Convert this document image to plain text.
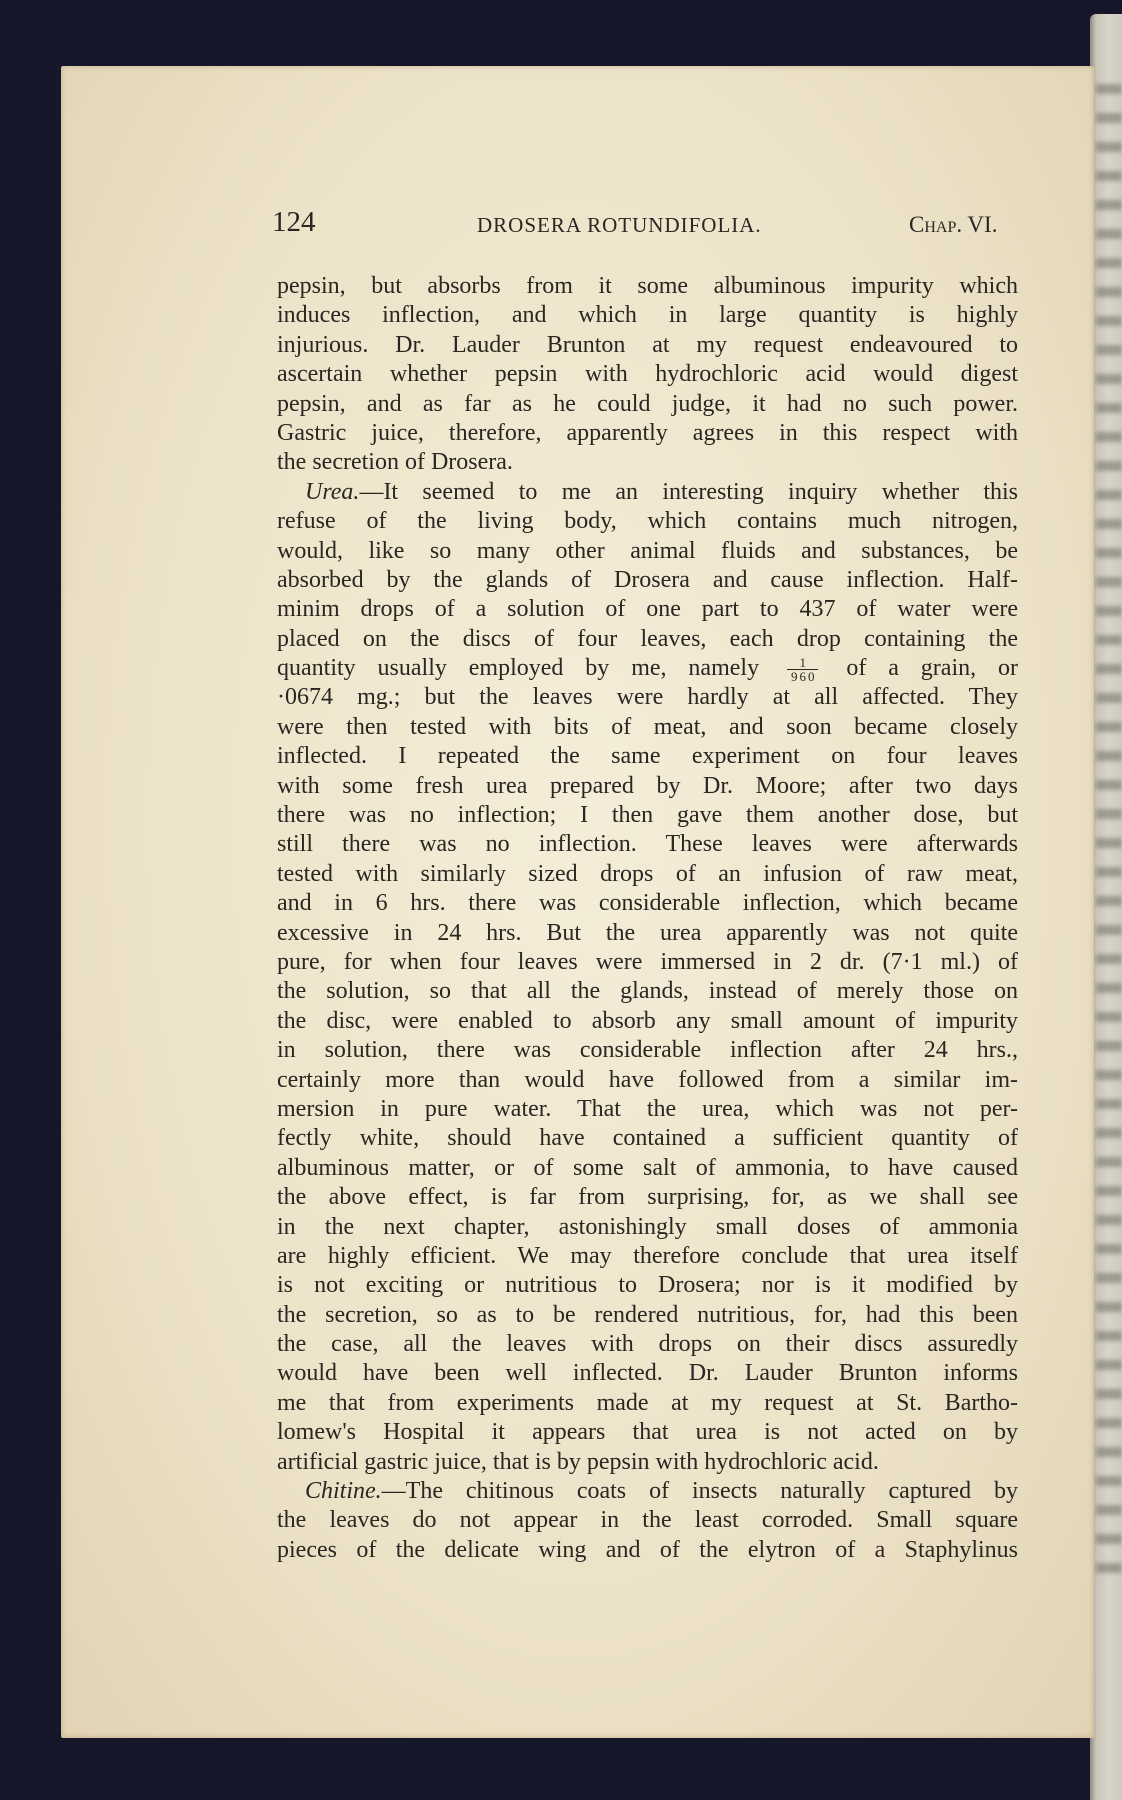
124	DROSERA ROTUNDIFOLIA.	Chap. VI.
pepsin, but absorbs from it some albuminous impurity which
induces inflection, and which in large quantity is highly
injurious. Dr. Lauder Brunton at my request endeavoured to
ascertain whether pepsin with hydrochloric acid would digest
pepsin, and as far as he could judge, it had no such power.
Gastric juice, therefore, apparently agrees in this respect with
the secretion of Drosera.
Urea.—It seemed to me an interesting inquiry whether this
refuse of the living body, which contains much nitrogen,
would, like so many other animal fluids and substances, be
absorbed by the glands of Drosera and cause inflection. Half-
minim drops of a solution of one part to 437 of water were
placed on the discs of four leaves, each drop containing the
quantity usually employed by me, namely $\frac{1}{960}$ of a grain, or
·0674 mg.; but the leaves were hardly at all affected. They
were then tested with bits of meat, and soon became closely
inflected. I repeated the same experiment on four leaves
with some fresh urea prepared by Dr. Moore; after two days
there was no inflection; I then gave them another dose, but
still there was no inflection. These leaves were afterwards
tested with similarly sized drops of an infusion of raw meat,
and in 6 hrs. there was considerable inflection, which became
excessive in 24 hrs. But the urea apparently was not quite
pure, for when four leaves were immersed in 2 dr. (7·1 ml.) of
the solution, so that all the glands, instead of merely those on
the disc, were enabled to absorb any small amount of impurity
in solution, there was considerable inflection after 24 hrs.,
certainly more than would have followed from a similar im-
mersion in pure water. That the urea, which was not per-
fectly white, should have contained a sufficient quantity of
albuminous matter, or of some salt of ammonia, to have caused
the above effect, is far from surprising, for, as we shall see
in the next chapter, astonishingly small doses of ammonia
are highly efficient. We may therefore conclude that urea itself
is not exciting or nutritious to Drosera; nor is it modified by
the secretion, so as to be rendered nutritious, for, had this been
the case, all the leaves with drops on their discs assuredly
would have been well inflected. Dr. Lauder Brunton informs
me that from experiments made at my request at St. Bartho-
lomew's Hospital it appears that urea is not acted on by
artificial gastric juice, that is by pepsin with hydrochloric acid.
Chitine.—The chitinous coats of insects naturally captured by
the leaves do not appear in the least corroded. Small square
pieces of the delicate wing and of the elytron of a Staphylinus
